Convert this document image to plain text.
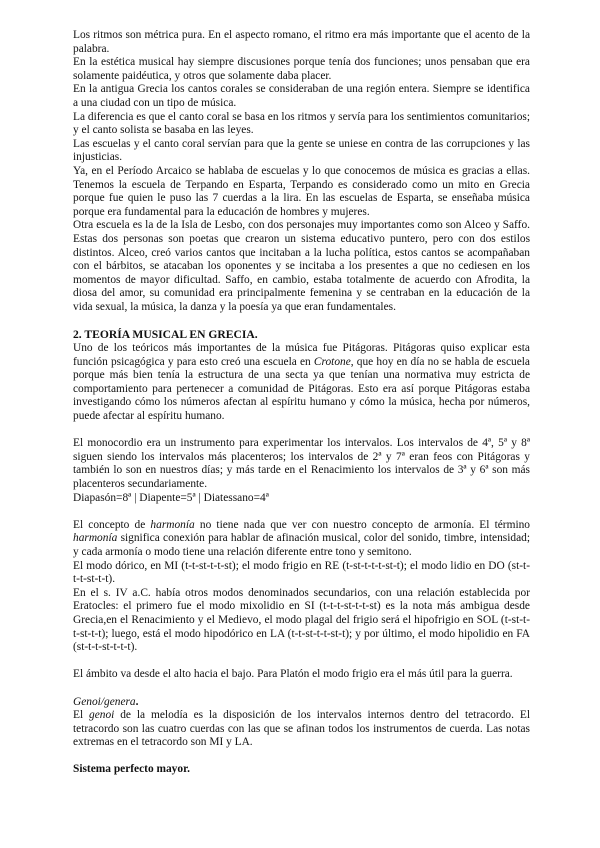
Los ritmos son métrica pura. En el aspecto romano, el ritmo era más importante que el acento de la palabra.

En la estética musical hay siempre discusiones porque tenía dos funciones; unos pensaban que era solamente paidéutica, y otros que solamente daba placer.

En la antigua Grecia los cantos corales se consideraban de una región entera. Siempre se identifica a una ciudad con un tipo de música.

La diferencia es que el canto coral se basa en los ritmos y servía para los sentimientos comunitarios; y el canto solista se basaba en las leyes.

Las escuelas y el canto coral servían para que la gente se uniese en contra de las corrupciones y las injusticias.

Ya, en el Período Arcaico se hablaba de escuelas y lo que conocemos de música es gracias a ellas. Tenemos la escuela de Terpando en Esparta, Terpando es considerado como un mito en Grecia porque fue quien le puso las 7 cuerdas a la lira. En las escuelas de Esparta, se enseñaba música porque era fundamental para la educación de hombres y mujeres.

Otra escuela es la de la Isla de Lesbo, con dos personajes muy importantes como son Alceo y Saffo. Estas dos personas son poetas que crearon un sistema educativo puntero, pero con dos estilos distintos. Alceo, creó varios cantos que incitaban a la lucha política, estos cantos se acompañaban con el bárbitos, se atacaban los oponentes y se incitaba a los presentes a que no cediesen en los momentos de mayor dificultad. Saffo, en cambio, estaba totalmente de acuerdo con Afrodita, la diosa del amor, su comunidad era principalmente femenina y se centraban en la educación de la vida sexual, la música, la danza y la poesía ya que eran fundamentales.

2. TEORÍA MUSICAL EN GRECIA.

Uno de los teóricos más importantes de la música fue Pitágoras. Pitágoras quiso explicar esta función psicagógica y para esto creó una escuela en Crotone, que hoy en día no se habla de escuela porque más bien tenía la estructura de una secta ya que tenían una normativa muy estricta de comportamiento para pertenecer a comunidad de Pitágoras. Esto era así porque Pitágoras estaba investigando cómo los números afectan al espíritu humano y cómo la música, hecha por números, puede afectar al espíritu humano.

El monocordio era un instrumento para experimentar los intervalos. Los intervalos de 4ª, 5ª y 8ª siguen siendo los intervalos más placenteros; los intervalos de 2ª y 7ª eran feos con Pitágoras y también lo son en nuestros días; y más tarde en el Renacimiento los intervalos de 3ª y 6ª son más placenteros secundariamente.

Diapasón=8ª | Diapente=5ª | Diatessano=4ª

El concepto de harmonía no tiene nada que ver con nuestro concepto de armonía. El término harmonía significa conexión para hablar de afinación musical, color del sonido, timbre, intensidad; y cada armonía o modo tiene una relación diferente entre tono y semitono.

El modo dórico, en MI (t-t-st-t-t-st); el modo frigio en RE (t-st-t-t-t-st-t); el modo lidio en DO (st-t-t-t-st-t-t).

En el s. IV a.C. había otros modos denominados secundarios, con una relación establecida por Eratocles: el primero fue el modo mixolidio en SI (t-t-t-st-t-t-st) es la nota más ambigua desde Grecia,en el Renacimiento y el Medievo, el modo plagal del frigio será el hipofrigio en SOL (t-st-t-t-st-t-t); luego, está el modo hipodórico en LA (t-t-st-t-t-st-t); y por último, el modo hipolidio en FA (st-t-t-st-t-t-t).

El ámbito va desde el alto hacia el bajo. Para Platón el modo frigio era el más útil para la guerra.

Genoi/genera.

El genoi de la melodía es la disposición de los intervalos internos dentro del tetracordo. El tetracordo son las cuatro cuerdas con las que se afinan todos los instrumentos de cuerda. Las notas extremas en el tetracordo son MI y LA.

Sistema perfecto mayor.
